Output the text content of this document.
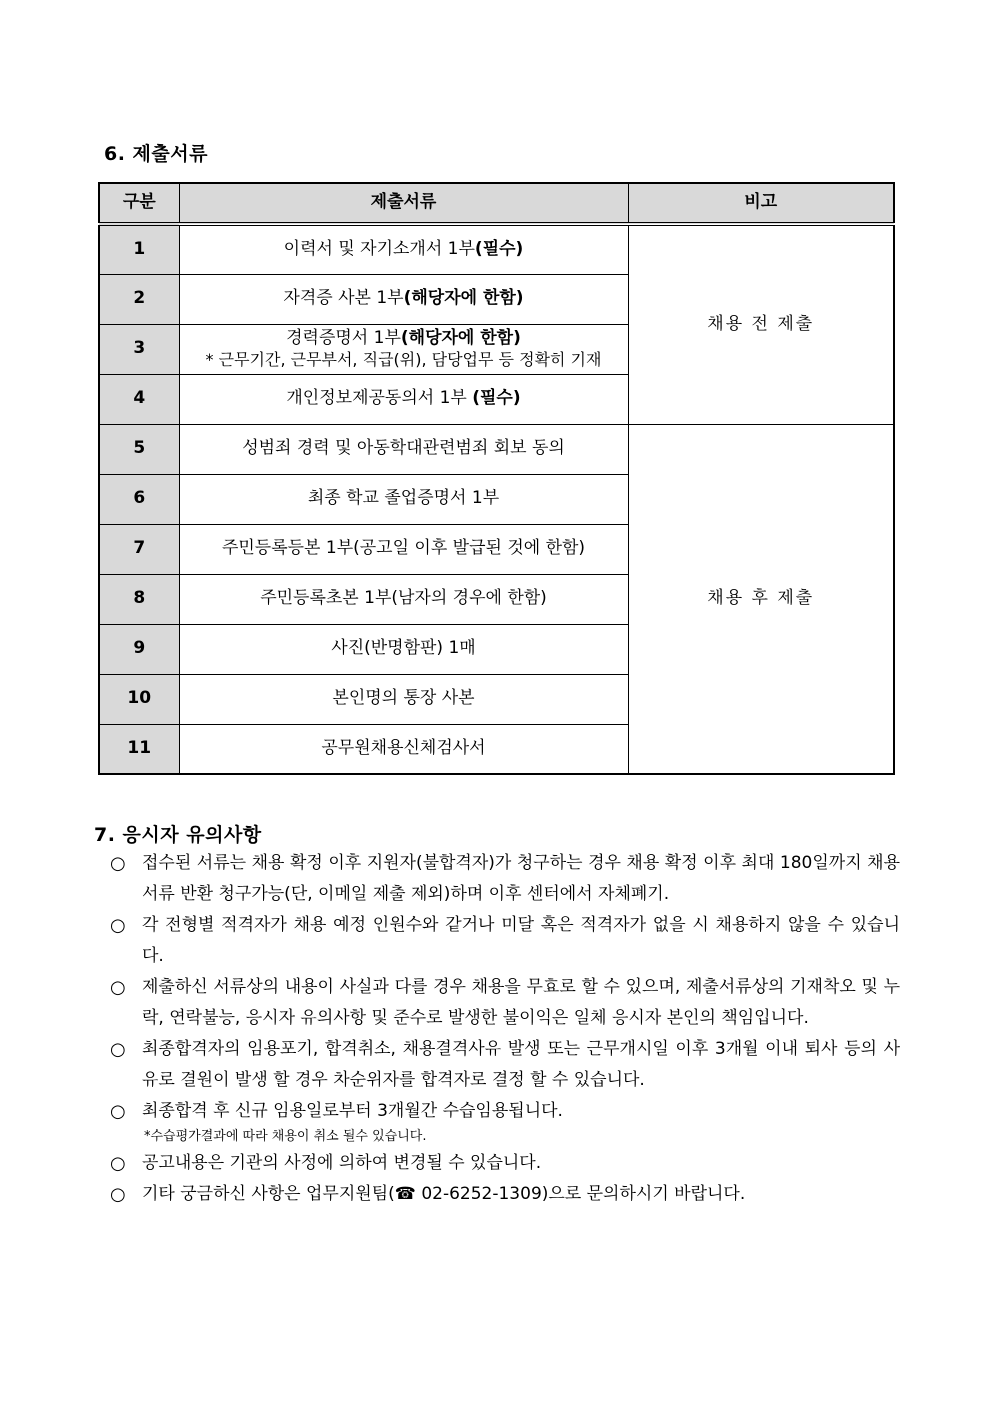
6. 제출서류
구분	제출서류	비고
1	이력서 및 자기소개서 1부(필수)	채용 전 제출
2	자격증 사본 1부(해당자에 한함)	
3	경력증명서 1부(해당자에 한함)
* 근무기간, 근무부서, 직급(위), 담당업무 등 정확히 기재	

4	개인정보제공동의서 1부 (필수)	
5	성범죄 경력 및 아동학대관련범죄 회보 동의	채용 후 제출
6	최종 학교 졸업증명서 1부	
7	주민등록등본 1부(공고일 이후 발급된 것에 한함)	
8	주민등록초본 1부(남자의 경우에 한함)	
9	사진(반명함판) 1매	
10	본인명의 통장 사본	
11	공무원채용신체검사서	
7. 응시자 유의사항
○ 접수된 서류는 채용 확정 이후 지원자(불합격자)가 청구하는 경우 채용 확정 이후 최대 180일까지 채용서류 반환 청구가능(단, 이메일 제출 제외)하며 이후 센터에서 자체폐기.
○ 각 전형별 적격자가 채용 예정 인원수와 같거나 미달 혹은 적격자가 없을 시 채용하지 않을 수 있습니다.
○ 제출하신 서류상의 내용이 사실과 다를 경우 채용을 무효로 할 수 있으며, 제출서류상의 기재착오 및 누락, 연락불능, 응시자 유의사항 및 준수로 발생한 불이익은 일체 응시자 본인의 책임입니다.
○ 최종합격자의 임용포기, 합격취소, 채용결격사유 발생 또는 근무개시일 이후 3개월 이내 퇴사 등의 사유로 결원이 발생 할 경우 차순위자를 합격자로 결정 할 수 있습니다.
○ 최종합격 후 신규 임용일로부터 3개월간 수습임용됩니다.
*수습평가결과에 따라 채용이 취소 될수 있습니다.
○ 공고내용은 기관의 사정에 의하여 변경될 수 있습니다.
○ 기타 궁금하신 사항은 업무지원팀(☎ 02-6252-1309)으로 문의하시기 바랍니다.
